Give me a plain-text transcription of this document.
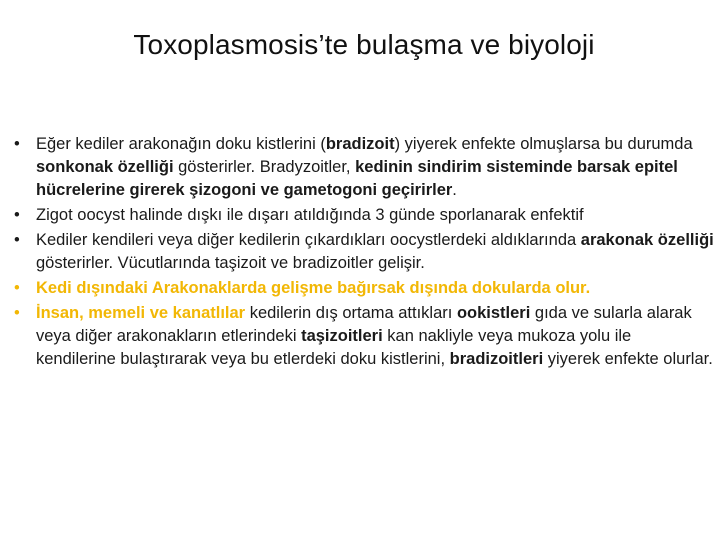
Toxoplasmosis’te bulaşma ve biyoloji
• Eğer kediler arakonağın doku kistlerini (bradizoit) yiyerek enfekte olmuşlarsa bu durumda sonkonak özelliği gösterirler. Bradyzoitler, kedinin sindirim sisteminde barsak epitel hücrelerine girerek şizogoni ve gametogoni geçirirler.
• Zigot oocyst halinde dışkı ile dışarı atıldığında 3 günde sporlanarak enfektif
• Kediler kendileri veya diğer kedilerin çıkardıkları oocystlerdeki aldıklarında arakonak özelliği gösterirler. Vücutlarında taşizoit ve bradizoitler gelişir.
• Kedi dışındaki Arakonaklarda gelişme bağırsak dışında dokularda olur.
• İnsan, memeli ve kanatlılar kedilerin dış ortama attıkları ookistleri gıda ve sularla alarak veya diğer arakonakların etlerindeki taşizoitleri kan nakliyle veya mukoza yolu ile kendilerine bulaştırarak veya bu etlerdeki doku kistlerini, bradizoitleri yiyerek enfekte olurlar.
